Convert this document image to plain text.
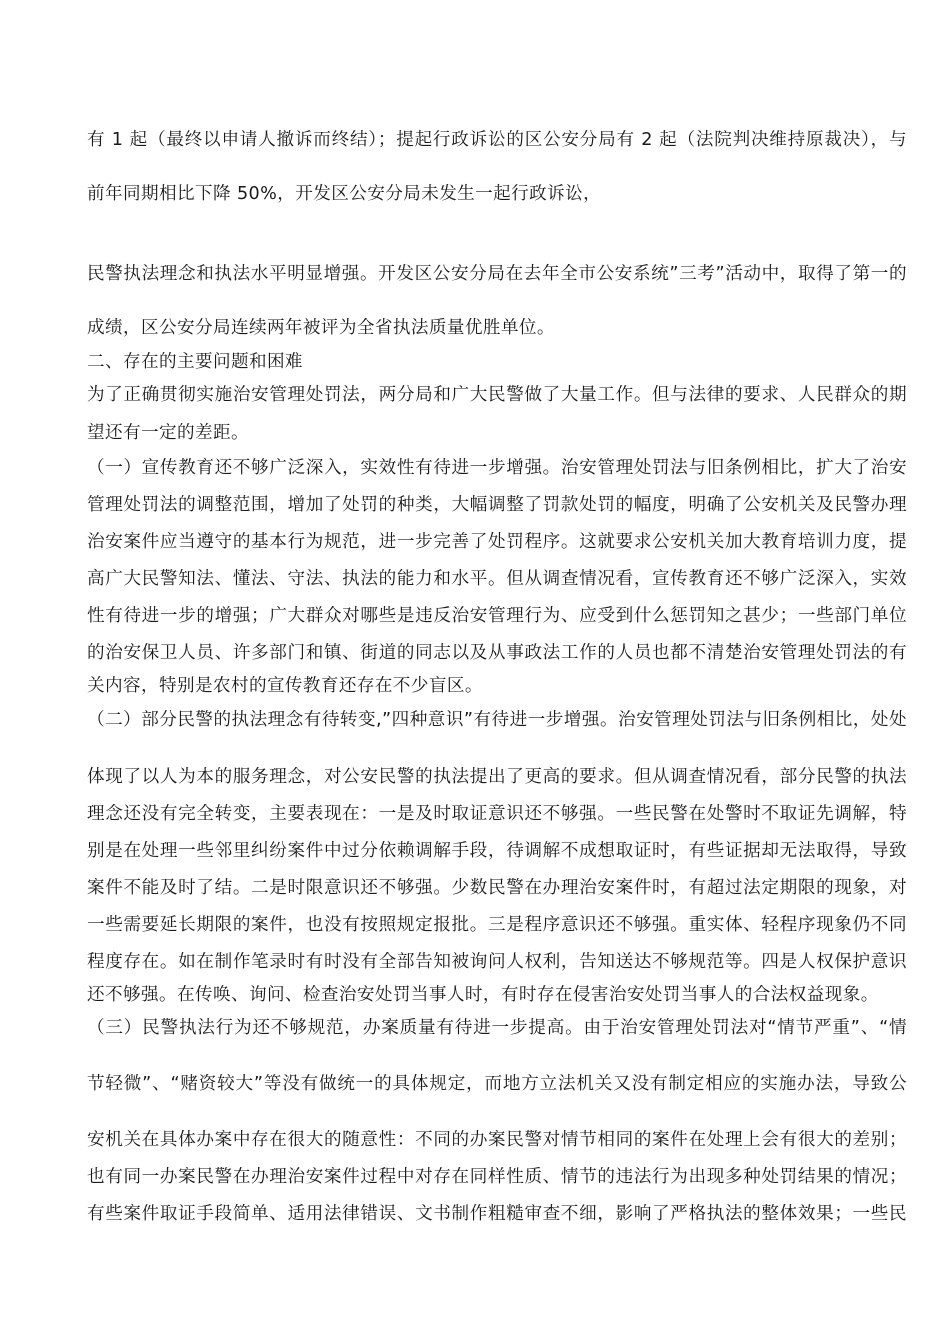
有 1 起（最终以申请人撤诉而终结）；提起行政诉讼的区公安分局有 2 起（法院判决维持原裁决），与
前年同期相比下降 50%，开发区公安分局未发生一起行政诉讼，
民警执法理念和执法水平明显增强。开发区公安分局在去年全市公安系统”三考”活动中，取得了第一的
成绩，区公安分局连续两年被评为全省执法质量优胜单位。
二、存在的主要问题和困难
为了正确贯彻实施治安管理处罚法，两分局和广大民警做了大量工作。但与法律的要求、人民群众的期
望还有一定的差距。
（一）宣传教育还不够广泛深入，实效性有待进一步增强。治安管理处罚法与旧条例相比，扩大了治安
管理处罚法的调整范围，增加了处罚的种类，大幅调整了罚款处罚的幅度，明确了公安机关及民警办理
治安案件应当遵守的基本行为规范，进一步完善了处罚程序。这就要求公安机关加大教育培训力度，提
高广大民警知法、懂法、守法、执法的能力和水平。但从调查情况看，宣传教育还不够广泛深入，实效
性有待进一步的增强；广大群众对哪些是违反治安管理行为、应受到什么惩罚知之甚少；一些部门单位
的治安保卫人员、许多部门和镇、街道的同志以及从事政法工作的人员也都不清楚治安管理处罚法的有
关内容，特别是农村的宣传教育还存在不少盲区。
（二）部分民警的执法理念有待转变,”四种意识”有待进一步增强。治安管理处罚法与旧条例相比，处处
体现了以人为本的服务理念，对公安民警的执法提出了更高的要求。但从调查情况看，部分民警的执法
理念还没有完全转变，主要表现在：一是及时取证意识还不够强。一些民警在处警时不取证先调解，特
别是在处理一些邻里纠纷案件中过分依赖调解手段，待调解不成想取证时，有些证据却无法取得，导致
案件不能及时了结。二是时限意识还不够强。少数民警在办理治安案件时，有超过法定期限的现象，对
一些需要延长期限的案件，也没有按照规定报批。三是程序意识还不够强。重实体、轻程序现象仍不同
程度存在。如在制作笔录时有时没有全部告知被询问人权利，告知送达不够规范等。四是人权保护意识
还不够强。在传唤、询问、检查治安处罚当事人时，有时存在侵害治安处罚当事人的合法权益现象。
（三）民警执法行为还不够规范，办案质量有待进一步提高。由于治安管理处罚法对“情节严重”、“情
节轻微”、“赌资较大”等没有做统一的具体规定，而地方立法机关又没有制定相应的实施办法，导致公
安机关在具体办案中存在很大的随意性：不同的办案民警对情节相同的案件在处理上会有很大的差别；
也有同一办案民警在办理治安案件过程中对存在同样性质、情节的违法行为出现多种处罚结果的情况；
有些案件取证手段简单、适用法律错误、文书制作粗糙审查不细，影响了严格执法的整体效果；一些民
